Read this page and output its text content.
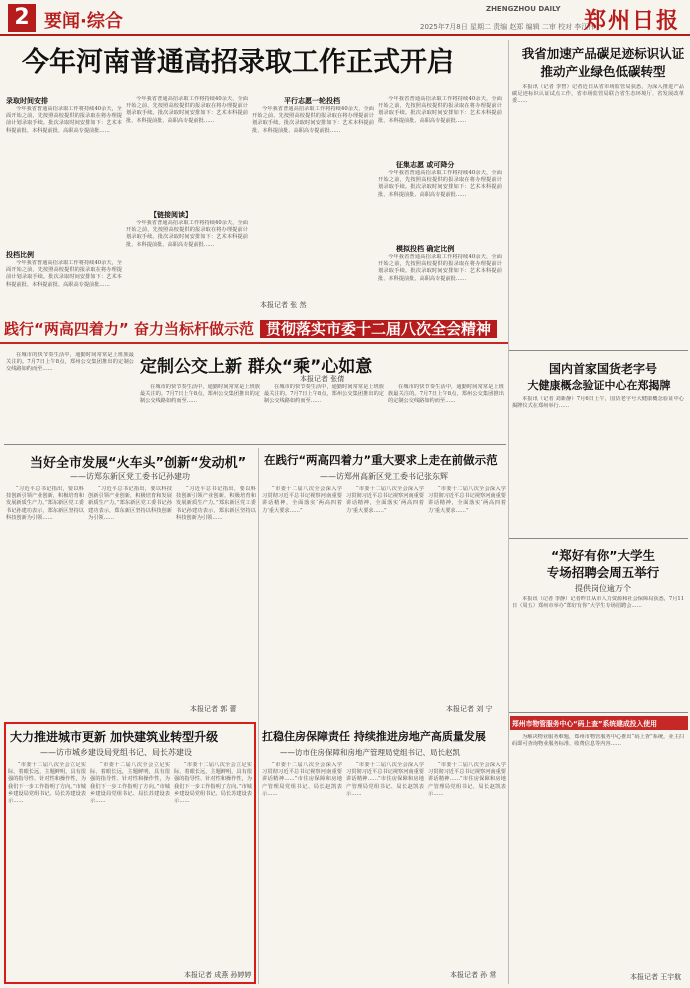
2 要闻·综合
ZHENGZHOU DAILY
2025年7月8日 星期二 责编 赵郑 编辑 二审 校对 李江伟
郑州日报
今年河南普通高招录取工作正式开启
录取时间安排
今年我省普通高招录取工作将持续40余天，全面开始之前，先按照高校提供的报录取在将办理提前计划录取手续。批次录取时间安排如下：艺术本科提前批、本科提前批、高职高专提前批……
投档比例
今年我省普通高招录取工作将持续40余天，全面开始之前，先按照高校提供的报录取在将办理提前计划录取手续。批次录取时间安排如下：艺术本科提前批、本科提前批、高职高专提前批……
今年我省普通高招录取工作将持续40余天，全面开始之前，先按照高校提供的报录取在将办理提前计划录取手续。批次录取时间安排如下：艺术本科提前批、本科提前批、高职高专提前批……
【链接阅读】
今年我省普通高招录取工作将持续40余天，全面开始之前，先按照高校提供的报录取在将办理提前计划录取手续。批次录取时间安排如下：艺术本科提前批、本科提前批、高职高专提前批……
平行志愿一轮投档
今年我省普通高招录取工作将持续40余天，全面开始之前，先按照高校提供的报录取在将办理提前计划录取手续。批次录取时间安排如下：艺术本科提前批、本科提前批、高职高专提前批……
本报记者 张 然
征集志愿 或可降分
今年我省普通高招录取工作将持续40余天，全面开始之前，先按照高校提供的报录取在将办理提前计划录取手续。批次录取时间安排如下：艺术本科提前批、本科提前批、高职高专提前批……
今年我省普通高招录取工作将持续40余天，全面开始之前，先按照高校提供的报录取在将办理提前计划录取手续。批次录取时间安排如下：艺术本科提前批、本科提前批、高职高专提前批……
模拟投档 确定比例
今年我省普通高招录取工作将持续40余天，全面开始之前，先按照高校提供的报录取在将办理提前计划录取手续。批次录取时间安排如下：艺术本科提前批、本科提前批、高职高专提前批……
我省加速产品碳足迹标识认证
推动产业绿色低碳转型
本报讯（记者 李智）记者近日从省市场监管局获悉，为深入推进产品碳足迹标识认证试点工作，省市场监管局联合省生态环境厅、省发展改革委……
践行“两高四着力” 奋力当标杆做示范 贯彻落实市委十二届八次全会精神
定制公交上新 群众“乘”心如意
本报记者 张倩
在城市的快节奏生活中，通勤时间常常是上班族最关注的。7月7日上午8点，郑州公交集团推出的定制公交线路如约而至……
在城市的快节奏生活中，通勤时间常常是上班族最关注的。7月7日上午8点，郑州公交集团推出的定制公交线路如约而至……
在城市的快节奏生活中，通勤时间常常是上班族最关注的。7月7日上午8点，郑州公交集团推出的定制公交线路如约而至……
在城市的快节奏生活中，通勤时间常常是上班族最关注的。7月7日上午8点，郑州公交集团推出的定制公交线路如约而至……
国内首家国货老字号
大健康概念验证中心在郑揭牌
本报讯（记者 刘新静）7月6日上午，国货老字号大健康概念验证中心揭牌仪式在郑州举行……
“郑好有你”大学生
专场招聘会周五举行
提供岗位逾万个
本报讯（记者 李静）记者昨日从市人力资源和社会保障局获悉，7月11日（周五）郑州市举办“郑好有你”大学生专场招聘会……
当好全市发展“火车头”创新“发动机”
——访郑东新区党工委书记孙建功
“习近平总书记指出，要以科技创新引领产业创新，积极培育和发展新质生产力。”郑东新区党工委书记孙建功表示，郑东新区坚持以科技创新为引领……
“习近平总书记指出，要以科技创新引领产业创新，积极培育和发展新质生产力。”郑东新区党工委书记孙建功表示，郑东新区坚持以科技创新为引领……
“习近平总书记指出，要以科技创新引领产业创新，积极培育和发展新质生产力。”郑东新区党工委书记孙建功表示，郑东新区坚持以科技创新为引领……
本报记者 郭 蕾
在践行“两高四着力”重大要求上走在前做示范
——访郑州高新区党工委书记张东辉
“市委十二届八次全会深入学习贯彻习近平总书记视察河南重要讲话精神，全面落实‘两高四着力’重大要求……”
“市委十二届八次全会深入学习贯彻习近平总书记视察河南重要讲话精神，全面落实‘两高四着力’重大要求……”
“市委十二届八次全会深入学习贯彻习近平总书记视察河南重要讲话精神，全面落实‘两高四着力’重大要求……”
本报记者 刘 宁
大力推进城市更新 加快建筑业转型升级
——访市城乡建设局党组书记、局长苏建设
“市委十二届八次全会立足实际，着眼长远，主题鲜明，具有很强的指导性、针对性和操作性，为我们下一步工作指明了方向。”市城乡建设局党组书记、局长苏建设表示……
“市委十二届八次全会立足实际，着眼长远，主题鲜明，具有很强的指导性、针对性和操作性，为我们下一步工作指明了方向。”市城乡建设局党组书记、局长苏建设表示……
“市委十二届八次全会立足实际，着眼长远，主题鲜明，具有很强的指导性、针对性和操作性，为我们下一步工作指明了方向。”市城乡建设局党组书记、局长苏建设表示……
本报记者 成燕 孙婷婷
扛稳住房保障责任 持续推进房地产高质量发展
——访市住房保障和房地产管理局党组书记、局长赵凯
“市委十二届八次全会深入学习贯彻习近平总书记视察河南重要讲话精神……”市住房保障和房地产管理局党组书记、局长赵凯表示……
“市委十二届八次全会深入学习贯彻习近平总书记视察河南重要讲话精神……”市住房保障和房地产管理局党组书记、局长赵凯表示……
“市委十二届八次全会深入学习贯彻习近平总书记视察河南重要讲话精神……”市住房保障和房地产管理局党组书记、局长赵凯表示……
本报记者 孙 常
郑州市物管服务中心“码上查”系统建成投入使用
为解决物业服务难题，郑州市物管服务中心推出“码上查”系统，业主扫码即可查询物业服务标准、收费信息等内容……
本报记者 王宇航
